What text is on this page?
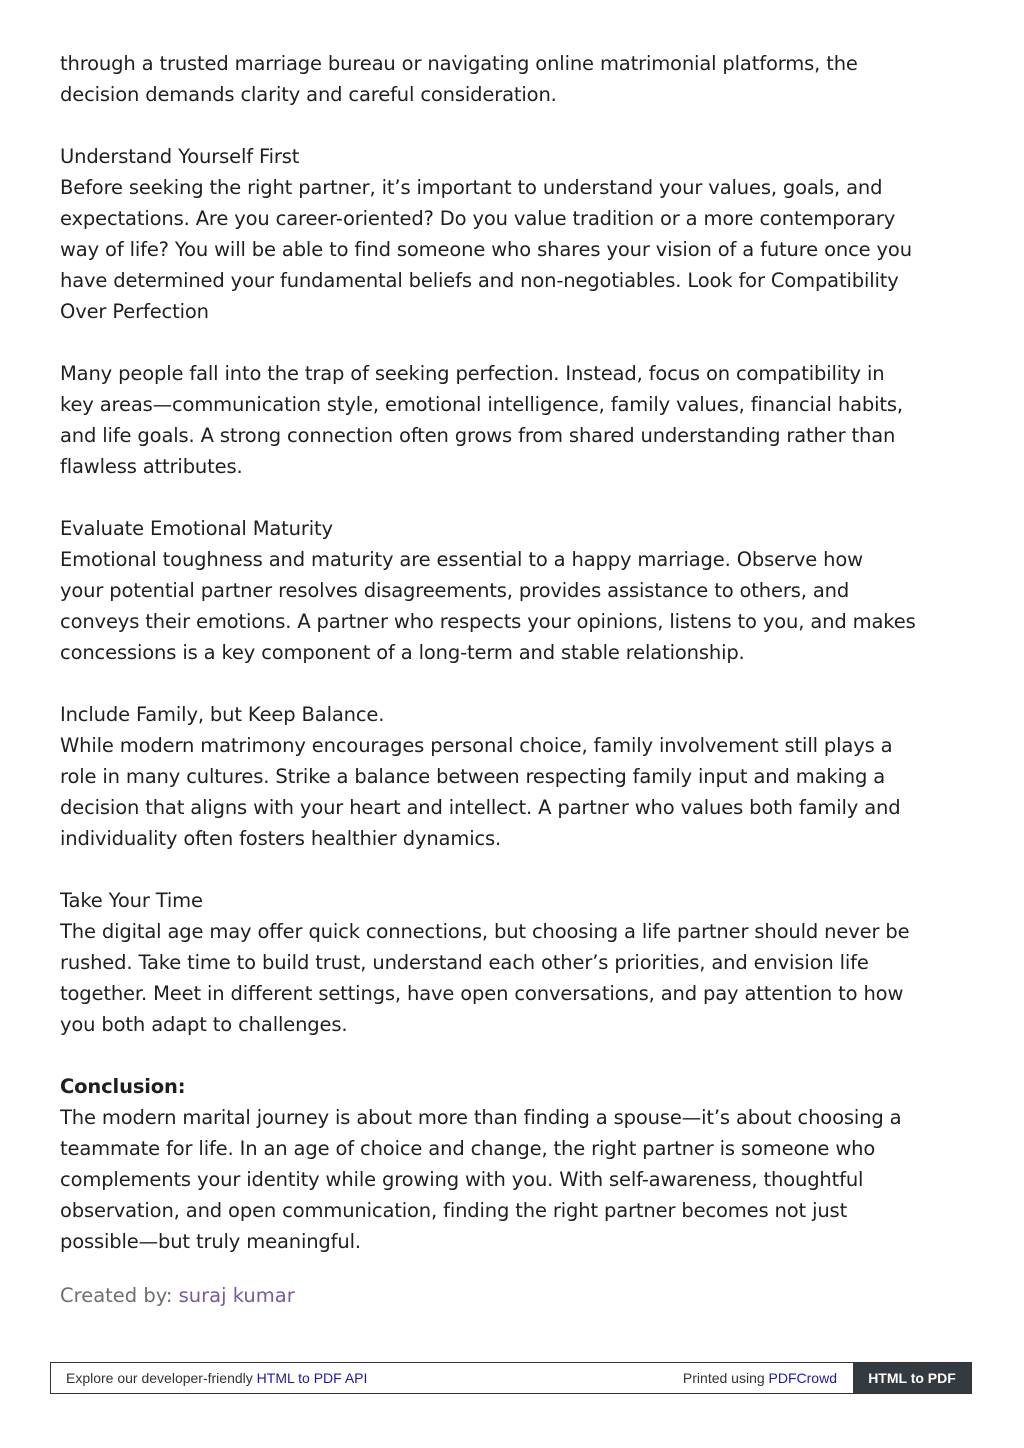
through a trusted marriage bureau or navigating online matrimonial platforms, the
decision demands clarity and careful consideration.
Understand Yourself First
Before seeking the right partner, it’s important to understand your values, goals, and
expectations. Are you career-oriented? Do you value tradition or a more contemporary
way of life? You will be able to find someone who shares your vision of a future once you
have determined your fundamental beliefs and non-negotiables. Look for Compatibility
Over Perfection
Many people fall into the trap of seeking perfection. Instead, focus on compatibility in
key areas—communication style, emotional intelligence, family values, financial habits,
and life goals. A strong connection often grows from shared understanding rather than
flawless attributes.
Evaluate Emotional Maturity
Emotional toughness and maturity are essential to a happy marriage. Observe how
your potential partner resolves disagreements, provides assistance to others, and
conveys their emotions. A partner who respects your opinions, listens to you, and makes
concessions is a key component of a long-term and stable relationship.
Include Family, but Keep Balance.
While modern matrimony encourages personal choice, family involvement still plays a
role in many cultures. Strike a balance between respecting family input and making a
decision that aligns with your heart and intellect. A partner who values both family and
individuality often fosters healthier dynamics.
Take Your Time
The digital age may offer quick connections, but choosing a life partner should never be
rushed. Take time to build trust, understand each other’s priorities, and envision life
together. Meet in different settings, have open conversations, and pay attention to how
you both adapt to challenges.
Conclusion:
The modern marital journey is about more than finding a spouse—it’s about choosing a
teammate for life. In an age of choice and change, the right partner is someone who
complements your identity while growing with you. With self-awareness, thoughtful
observation, and open communication, finding the right partner becomes not just
possible—but truly meaningful.
Created by: suraj kumar
Explore our developer-friendly HTML to PDF API	Printed using PDFCrowd	HTML to PDF
